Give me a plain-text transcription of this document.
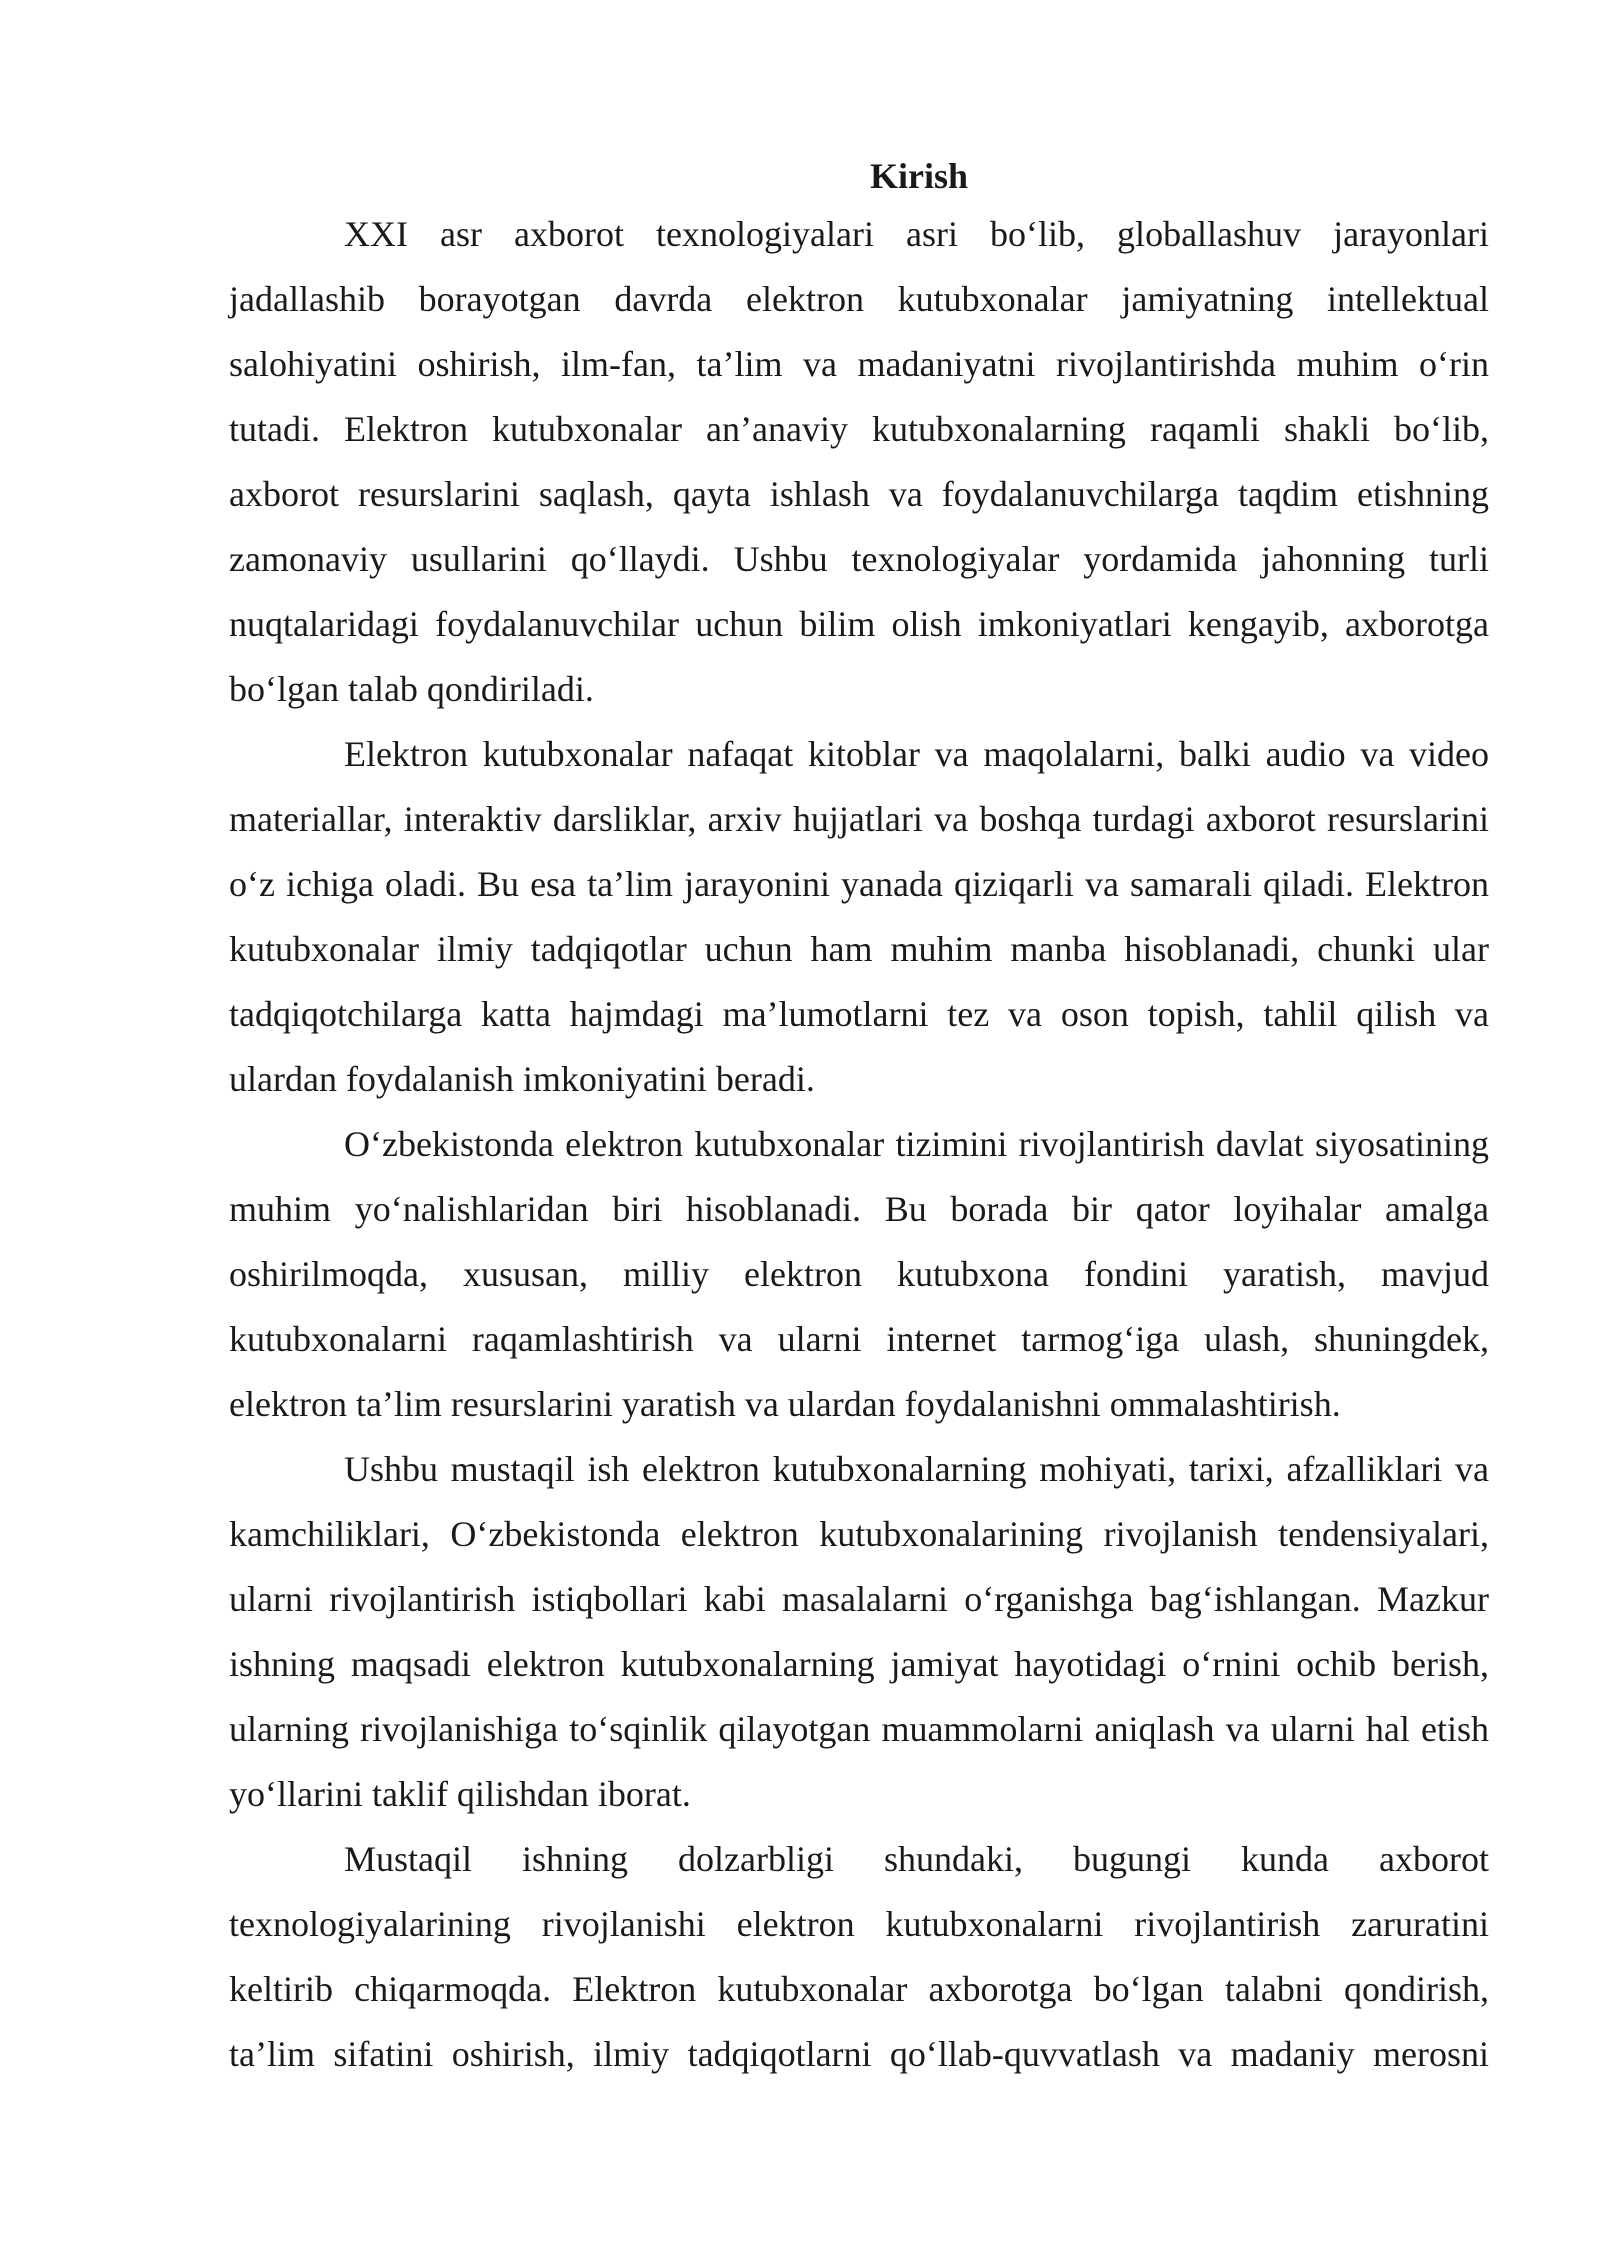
Kirish

XXI asr axborot texnologiyalari asri bo‘lib, globallashuv jarayonlari jadallashib borayotgan davrda elektron kutubxonalar jamiyatning intellektual salohiyatini oshirish, ilm-fan, ta’lim va madaniyatni rivojlantirishda muhim o‘rin tutadi. Elektron kutubxonalar an’anaviy kutubxonalarning raqamli shakli bo‘lib, axborot resurslarini saqlash, qayta ishlash va foydalanuvchilarga taqdim etishning zamonaviy usullarini qo‘llaydi. Ushbu texnologiyalar yordamida jahonning turli nuqtalaridagi foydalanuvchilar uchun bilim olish imkoniyatlari kengayib, axborotga bo‘lgan talab qondiriladi.

Elektron kutubxonalar nafaqat kitoblar va maqolalarni, balki audio va video materiallar, interaktiv darsliklar, arxiv hujjatlari va boshqa turdagi axborot resurslarini o‘z ichiga oladi. Bu esa ta’lim jarayonini yanada qiziqarli va samarali qiladi. Elektron kutubxonalar ilmiy tadqiqotlar uchun ham muhim manba hisoblanadi, chunki ular tadqiqotchilarga katta hajmdagi ma’lumotlarni tez va oson topish, tahlil qilish va ulardan foydalanish imkoniyatini beradi.

O‘zbekistonda elektron kutubxonalar tizimini rivojlantirish davlat siyosatining muhim yo‘nalishlaridan biri hisoblanadi. Bu borada bir qator loyihalar amalga oshirilmoqda, xususan, milliy elektron kutubxona fondini yaratish, mavjud kutubxonalarni raqamlashtirish va ularni internet tarmog‘iga ulash, shuningdek, elektron ta’lim resurslarini yaratish va ulardan foydalanishni ommalashtirish.

Ushbu mustaqil ish elektron kutubxonalarning mohiyati, tarixi, afzalliklari va kamchiliklari, O‘zbekistonda elektron kutubxonalarining rivojlanish tendensiyalari, ularni rivojlantirish istiqbollari kabi masalalarni o‘rganishga bag‘ishlangan. Mazkur ishning maqsadi elektron kutubxonalarning jamiyat hayotidagi o‘rnini ochib berish, ularning rivojlanishiga to‘sqinlik qilayotgan muammolarni aniqlash va ularni hal etish yo‘llarini taklif qilishdan iborat.

Mustaqil ishning dolzarbligi shundaki, bugungi kunda axborot texnologiyalarining rivojlanishi elektron kutubxonalarni rivojlantirish zaruratini keltirib chiqarmoqda. Elektron kutubxonalar axborotga bo‘lgan talabni qondirish, ta’lim sifatini oshirish, ilmiy tadqiqotlarni qo‘llab-quvvatlash va madaniy merosni
